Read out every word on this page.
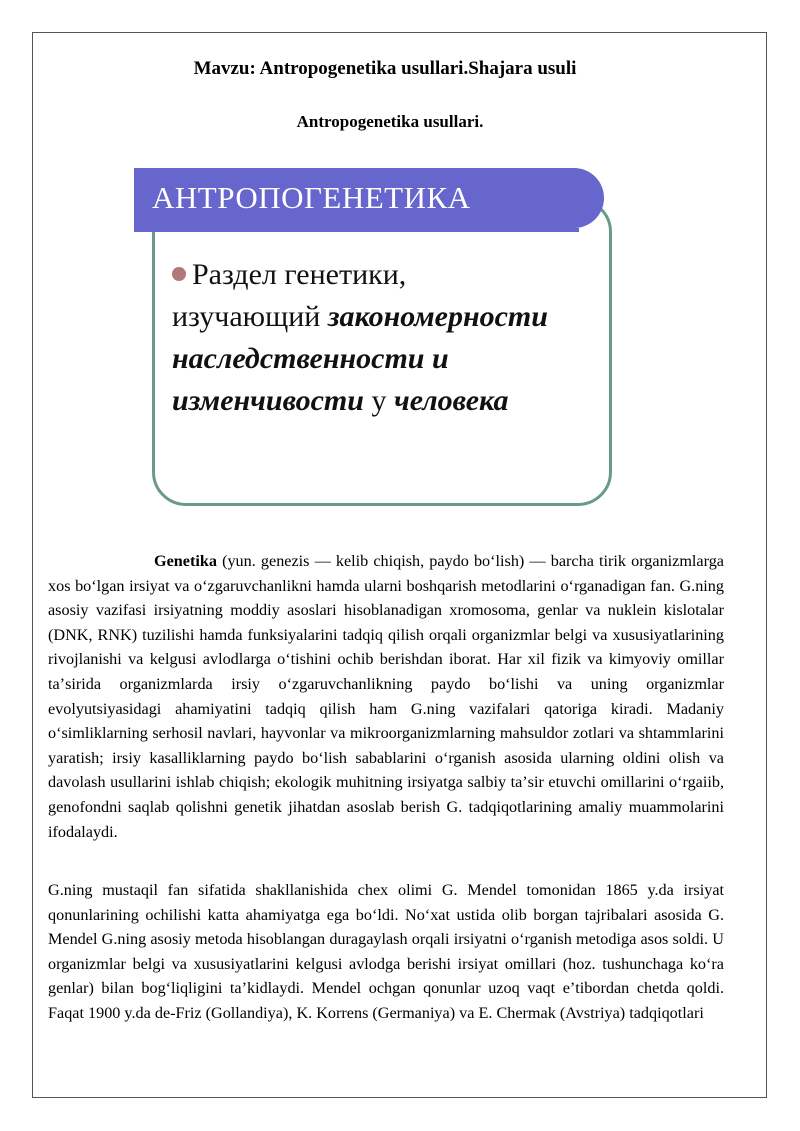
Mavzu: Antropogenetika usullari.Shajara usuli
Antropogenetika usullari.
АНТРОПОГЕНЕТИКА
Раздел генетики,
изучающий закономерности
наследственности и
изменчивости у человека
Genetika (yun. genezis — kelib chiqish, paydo boʻlish) — barcha tirik organizmlarga xos boʻlgan irsiyat va oʻzgaruvchanlikni hamda ularni boshqarish metodlarini oʻrganadigan fan. G.ning asosiy vazifasi irsiyatning moddiy asoslari hisoblanadigan xromosoma, genlar va nuklein kislotalar (DNK, RNK) tuzilishi hamda funksiyalarini tadqiq qilish orqali organizmlar belgi va xususiyatlarining rivojlanishi va kelgusi avlodlarga oʻtishini ochib berishdan iborat. Har xil fizik va kimyoviy omillar taʼsirida organizmlarda irsiy oʻzgaruvchanlikning paydo boʻlishi va uning organizmlar evolyutsiyasidagi ahamiyatini tadqiq qilish ham G.ning vazifalari qatoriga kiradi. Madaniy oʻsimliklarning serhosil navlari, hayvonlar va mikroorganizmlarning mahsuldor zotlari va shtammlarini yaratish; irsiy kasalliklarning paydo boʻlish sabablarini oʻrganish asosida ularning oldini olish va davolash usullarini ishlab chiqish; ekologik muhitning irsiyatga salbiy taʼsir etuvchi omillarini oʻrgaiib, genofondni saqlab qolishni genetik jihatdan asoslab berish G. tadqiqotlarining amaliy muammolarini ifodalaydi.
G.ning mustaqil fan sifatida shakllanishida chex olimi G. Mendel tomonidan 1865 y.da irsiyat qonunlarining ochilishi katta ahamiyatga ega boʻldi. Noʻxat ustida olib borgan tajribalari asosida G. Mendel G.ning asosiy metoda hisoblangan duragaylash orqali irsiyatni oʻrganish metodiga asos soldi. U organizmlar belgi va xususiyatlarini kelgusi avlodga berishi irsiyat omillari (hoz. tushunchaga koʻra genlar) bilan bogʻliqligini taʼkidlaydi. Mendel ochgan qonunlar uzoq vaqt eʼtibordan chetda qoldi. Faqat 1900 y.da de-Friz (Gollandiya), K. Korrens (Germaniya) va E. Chermak (Avstriya) tadqiqotlari
